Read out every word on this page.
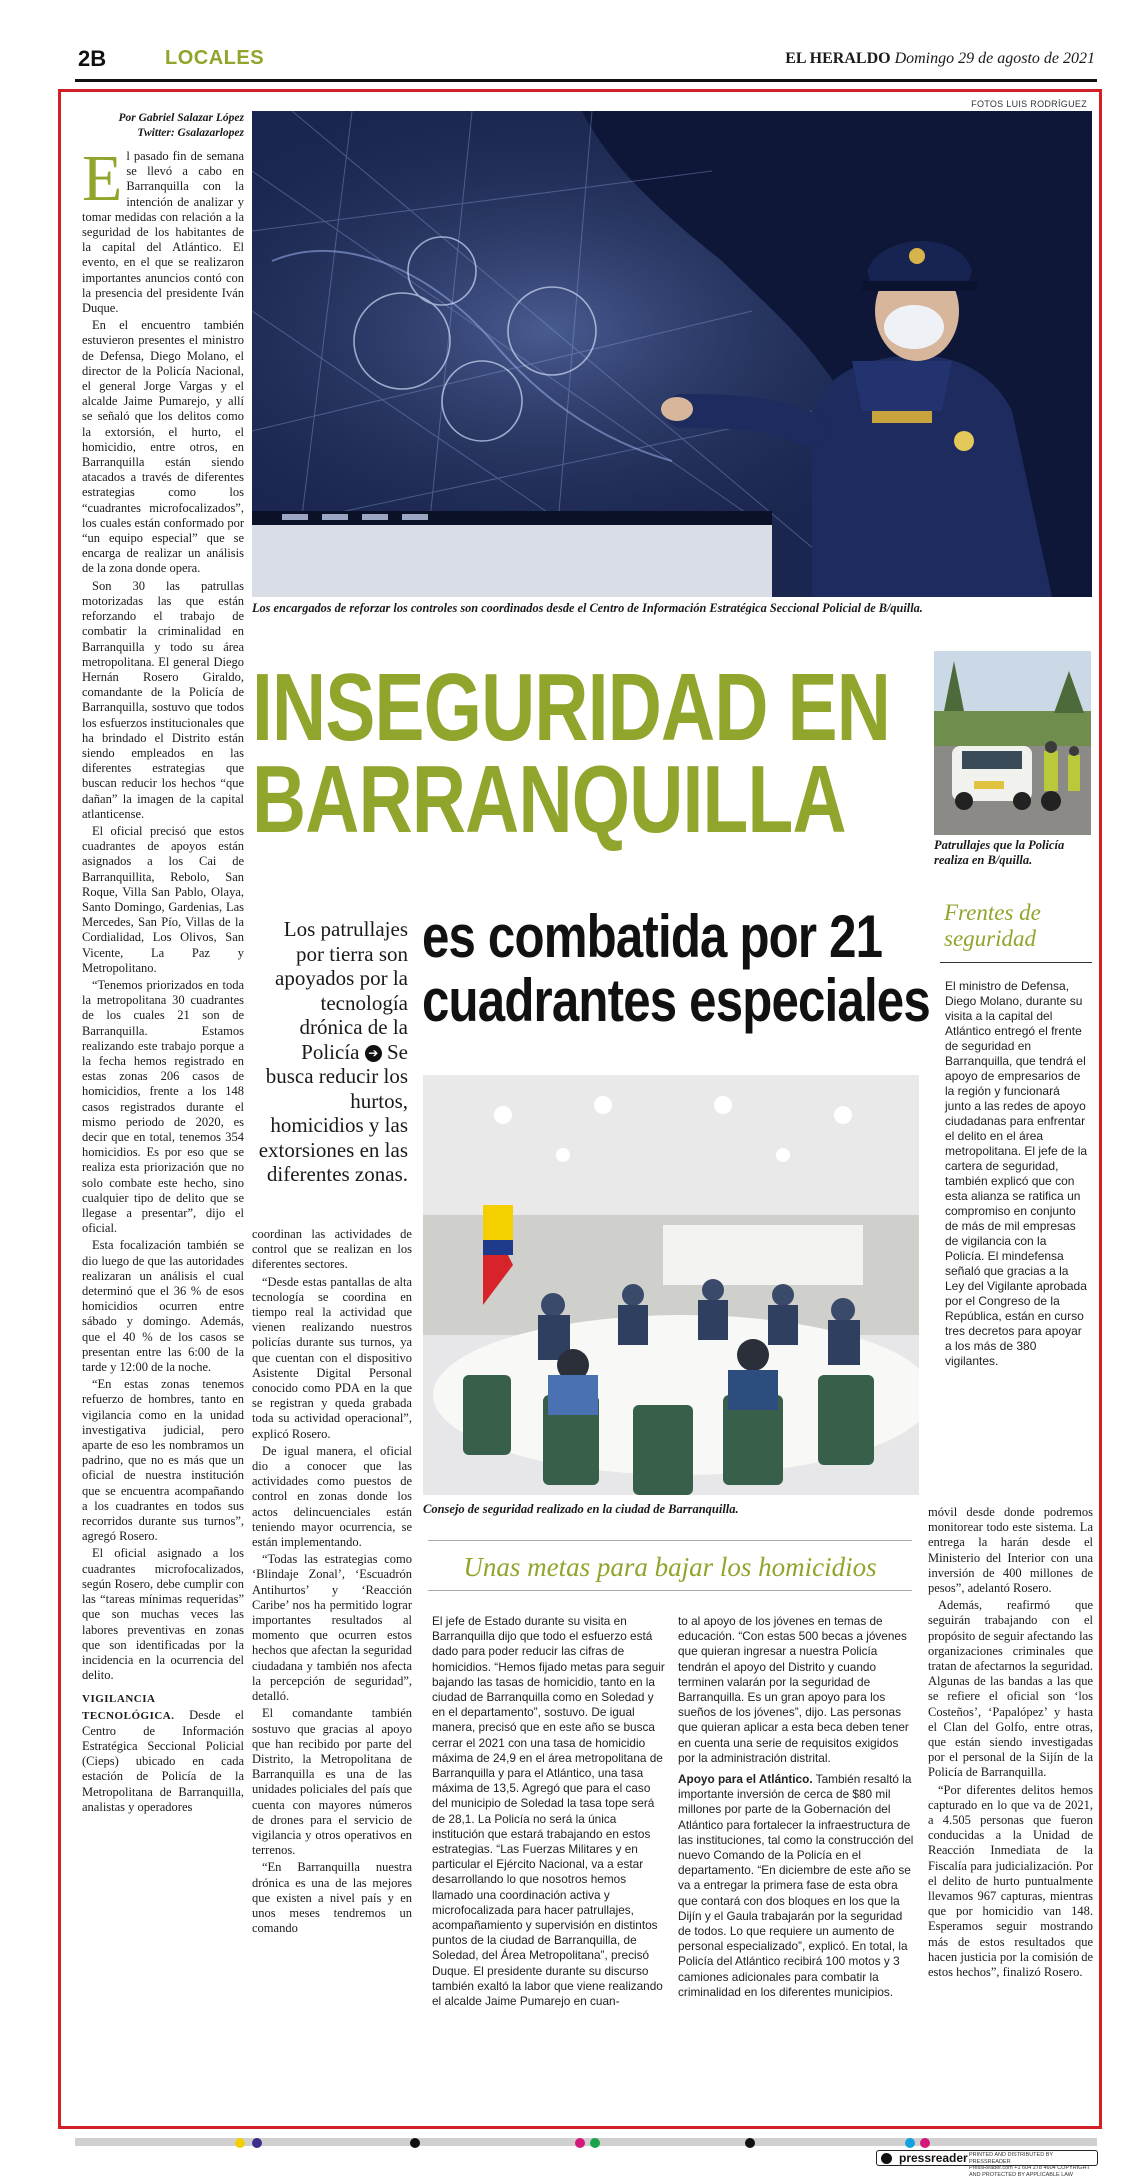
2B	LOCALES	EL HERALDO Domingo 29 de agosto de 2021
FOTOS LUIS RODRÍGUEZ
Por Gabriel Salazar López
Twitter: Gsalazarlopez

El pasado fin de semana se llevó a cabo en Barranquilla con la intención de analizar y tomar medidas con relación a la seguridad de los habitantes de la capital del Atlántico. El evento, en el que se realizaron importantes anuncios contó con la presencia del presidente Iván Duque.

En el encuentro también estuvieron presentes el ministro de Defensa, Diego Molano, el director de la Policía Nacional, el general Jorge Vargas y el alcalde Jaime Pumarejo, y allí se señaló que los delitos como la extorsión, el hurto, el homicidio, entre otros, en Barranquilla están siendo atacados a través de diferentes estrategias como los “cuadrantes microfocalizados”, los cuales están conformado por “un equipo especial” que se encarga de realizar un análisis de la zona donde opera.

Son 30 las patrullas motorizadas las que están reforzando el trabajo de combatir la criminalidad en Barranquilla y todo su área metropolitana. El general Diego Hernán Rosero Giraldo, comandante de la Policía de Barranquilla, sostuvo que todos los esfuerzos institucionales que ha brindado el Distrito están siendo empleados en las diferentes estrategias que buscan reducir los hechos “que dañan” la imagen de la capital atlanticense.

El oficial precisó que estos cuadrantes de apoyos están asignados a los Cai de Barranquillita, Rebolo, San Roque, Villa San Pablo, Olaya, Santo Domingo, Gardenias, Las Mercedes, San Pío, Villas de la Cordialidad, Los Olivos, San Vicente, La Paz y Metropolitano.

“Tenemos priorizados en toda la metropolitana 30 cuadrantes de los cuales 21 son de Barranquilla. Estamos realizando este trabajo porque a la fecha hemos registrado en estas zonas 206 casos de homicidios, frente a los 148 casos registrados durante el mismo periodo de 2020, es decir que en total, tenemos 354 homicidios. Es por eso que se realiza esta priorización que no solo combate este hecho, sino cualquier tipo de delito que se llegase a presentar”, dijo el oficial.

Esta focalización también se dio luego de que las autoridades realizaran un análisis el cual determinó que el 36 % de esos homicidios ocurren entre sábado y domingo. Además, que el 40 % de los casos se presentan entre las 6:00 de la tarde y 12:00 de la noche.

“En estas zonas tenemos refuerzo de hombres, tanto en vigilancia como en la unidad investigativa judicial, pero aparte de eso les nombramos un padrino, que no es más que un oficial de nuestra institución que se encuentra acompañando a los cuadrantes en todos sus recorridos durante sus turnos”, agregó Rosero.

El oficial asignado a los cuadrantes microfocalizados, según Rosero, debe cumplir con las “tareas mínimas requeridas” que son muchas veces las labores preventivas en zonas que son identificadas por la incidencia en la ocurrencia del delito.

VIGILANCIA TECNOLÓGICA. Desde el Centro de Información Estratégica Seccional Policial (Cieps) ubicado en cada estación de Policía de la Metropolitana de Barranquilla, analistas y operadores

Los encargados de reforzar los controles son coordinados desde el Centro de Información Estratégica Seccional Policial de B/quilla.
INSEGURIDAD EN
BARRANQUILLA
es combatida por 21
cuadrantes especiales
Los patrullajes por tierra son apoyados por la tecnología drónica de la Policía ➔ Se busca reducir los hurtos, homicidios y las extorsiones en las diferentes zonas.
Patrullajes que la Policía realiza en B/quilla.
Frentes de seguridad
El ministro de Defensa, Diego Molano, durante su visita a la capital del Atlántico entregó el frente de seguridad en Barranquilla, que tendrá el apoyo de empresarios de la región y funcionará junto a las redes de apoyo ciudadanas para enfrentar el delito en el área metropolitana. El jefe de la cartera de seguridad, también explicó que con esta alianza se ratifica un compromiso en conjunto de más de mil empresas de vigilancia con la Policía. El mindefensa señaló que gracias a la Ley del Vigilante aprobada por el Congreso de la República, están en curso tres decretos para apoyar a los más de 380 vigilantes.
Consejo de seguridad realizado en la ciudad de Barranquilla.

coordinan las actividades de control que se realizan en los diferentes sectores.

“Desde estas pantallas de alta tecnología se coordina en tiempo real la actividad que vienen realizando nuestros policías durante sus turnos, ya que cuentan con el dispositivo Asistente Digital Personal conocido como PDA en la que se registran y queda grabada toda su actividad operacional”, explicó Rosero.

De igual manera, el oficial dio a conocer que las actividades como puestos de control en zonas donde los actos delincuenciales están teniendo mayor ocurrencia, se están implementando.

“Todas las estrategias como ‘Blindaje Zonal’, ‘Escuadrón Antihurtos’ y ‘Reacción Caribe’ nos ha permitido lograr importantes resultados al momento que ocurren estos hechos que afectan la seguridad ciudadana y también nos afecta la percepción de seguridad”, detalló.

El comandante también sostuvo que gracias al apoyo que han recibido por parte del Distrito, la Metropolitana de Barranquilla es una de las unidades policiales del país que cuenta con mayores números de drones para el servicio de vigilancia y otros operativos en terrenos.

“En Barranquilla nuestra drónica es una de las mejores que existen a nivel país y en unos meses tendremos un comando

Unas metas para bajar los homicidios

El jefe de Estado durante su visita en Barranquilla dijo que todo el esfuerzo está dado para poder reducir las cifras de homicidios. “Hemos fijado metas para seguir bajando las tasas de homicidio, tanto en la ciudad de Barranquilla como en Soledad y en el departamento”, sostuvo. De igual manera, precisó que en este año se busca cerrar el 2021 con una tasa de homicidio máxima de 24,9 en el área metropolitana de Barranquilla y para el Atlántico, una tasa máxima de 13,5. Agregó que para el caso del municipio de Soledad la tasa tope será de 28,1. La Policía no será la única institución que estará trabajando en estos estrategias. “Las Fuerzas Militares y en particular el Ejército Nacional, va a estar desarrollando lo que nosotros hemos llamado una coordinación activa y microfocalizada para hacer patrullajes, acompañamiento y supervisión en distintos puntos de la ciudad de Barranquilla, de Soledad, del Área Metropolitana”, precisó Duque. El presidente durante su discurso también exaltó la labor que viene realizando el alcalde Jaime Pumarejo en cuan-

to al apoyo de los jóvenes en temas de educación. “Con estas 500 becas a jóvenes que quieran ingresar a nuestra Policía tendrán el apoyo del Distrito y cuando terminen valarán por la seguridad de Barranquilla. Es un gran apoyo para los sueños de los jóvenes”, dijo. Las personas que quieran aplicar a esta beca deben tener en cuenta una serie de requisitos exigidos por la administración distrital.

Apoyo para el Atlántico. También resaltó la importante inversión de cerca de $80 mil millones por parte de la Gobernación del Atlántico para fortalecer la infraestructura de las instituciones, tal como la construcción del nuevo Comando de la Policía en el departamento. “En diciembre de este año se va a entregar la primera fase de esta obra que contará con dos bloques en los que la Dijín y el Gaula trabajarán por la seguridad de todos. Lo que requiere un aumento de personal especializado”, explicó. En total, la Policía del Atlántico recibirá 100 motos y 3 camiones adicionales para combatir la criminalidad en los diferentes municipios.

móvil desde donde podremos monitorear todo este sistema. La entrega la harán desde el Ministerio del Interior con una inversión de 400 millones de pesos”, adelantó Rosero.

Además, reafirmó que seguirán trabajando con el propósito de seguir afectando las organizaciones criminales que tratan de afectarnos la seguridad. Algunas de las bandas a las que se refiere el oficial son ‘los Costeños’, ‘Papalópez’ y hasta el Clan del Golfo, entre otras, que están siendo investigadas por el personal de la Sijín de la Policía de Barranquilla.

“Por diferentes delitos hemos capturado en lo que va de 2021, a 4.505 personas que fueron conducidas a la Unidad de Reacción Inmediata de la Fiscalía para judicialización. Por el delito de hurto puntualmente llevamos 967 capturas, mientras que por homicidio van 148. Esperamos seguir mostrando más de estos resultados que hacen justicia por la comisión de estos hechos”, finalizó Rosero.

pressreader PRINTED AND DISTRIBUTED BY PRESSREADER
PressReader.com +1 604 278 4604 COPYRIGHT AND PROTECTED BY APPLICABLE LAW
